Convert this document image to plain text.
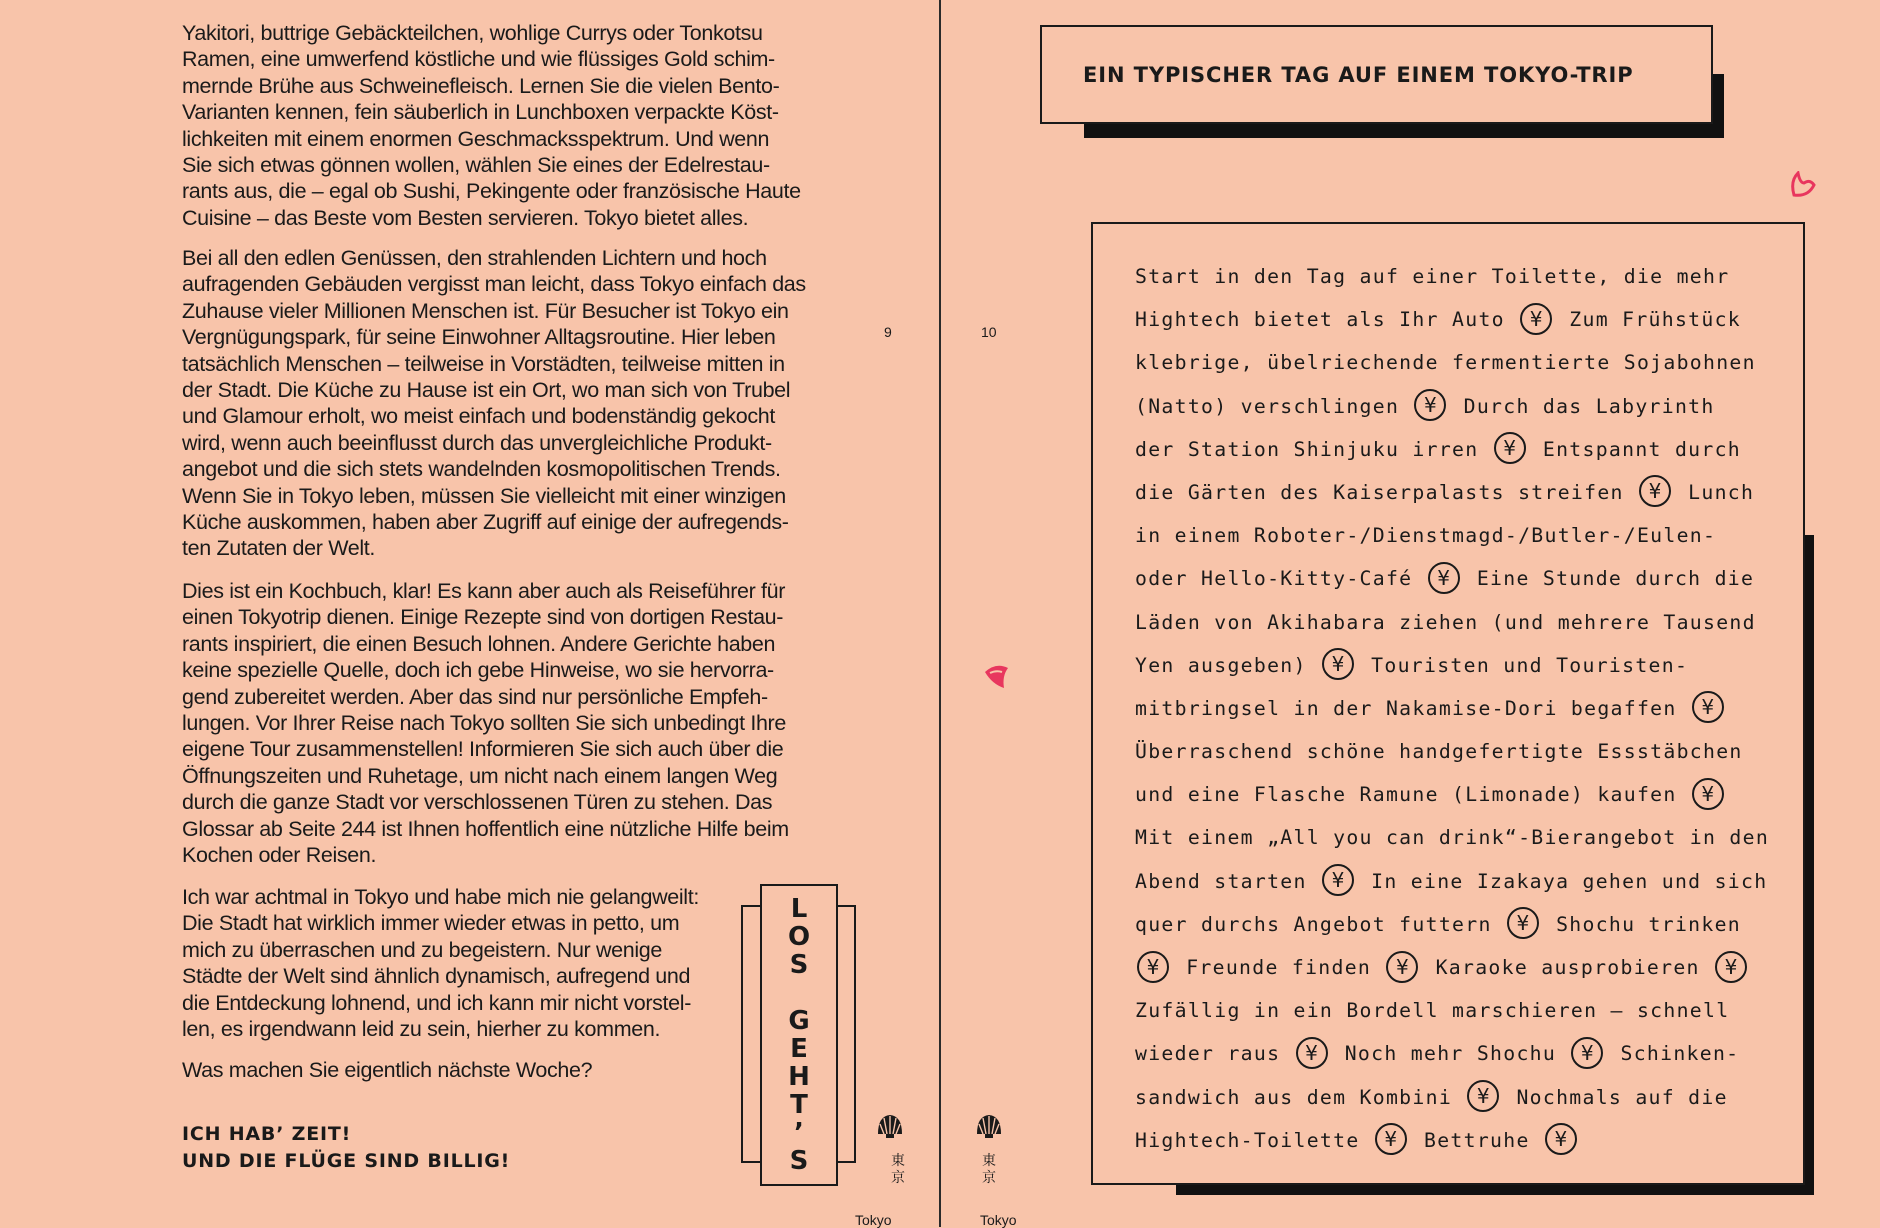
Yakitori, buttrige Gebäckteilchen, wohlige Currys oder Tonkotsu
Ramen, eine umwerfend köstliche und wie flüssiges Gold schim-
mernde Brühe aus Schweinefleisch. Lernen Sie die vielen Bento-
Varianten kennen, fein säuberlich in Lunchboxen verpackte Köst-
lichkeiten mit einem enormen Geschmacksspektrum. Und wenn
Sie sich etwas gönnen wollen, wählen Sie eines der Edelrestau-
rants aus, die – egal ob Sushi, Pekingente oder französische Haute
Cuisine – das Beste vom Besten servieren. Tokyo bietet alles.
Bei all den edlen Genüssen, den strahlenden Lichtern und hoch
aufragenden Gebäuden vergisst man leicht, dass Tokyo einfach das
Zuhause vieler Millionen Menschen ist. Für Besucher ist Tokyo ein
Vergnügungspark, für seine Einwohner Alltagsroutine. Hier leben
tatsächlich Menschen – teilweise in Vorstädten, teilweise mitten in
der Stadt. Die Küche zu Hause ist ein Ort, wo man sich von Trubel
und Glamour erholt, wo meist einfach und bodenständig gekocht
wird, wenn auch beeinflusst durch das unvergleichliche Produkt-
angebot und die sich stets wandelnden kosmopolitischen Trends.
Wenn Sie in Tokyo leben, müssen Sie vielleicht mit einer winzigen
Küche auskommen, haben aber Zugriff auf einige der aufregends-
ten Zutaten der Welt.
Dies ist ein Kochbuch, klar! Es kann aber auch als Reiseführer für
einen Tokyotrip dienen. Einige Rezepte sind von dortigen Restau-
rants inspiriert, die einen Besuch lohnen. Andere Gerichte haben
keine spezielle Quelle, doch ich gebe Hinweise, wo sie hervorra-
gend zubereitet werden. Aber das sind nur persönliche Empfeh-
lungen. Vor Ihrer Reise nach Tokyo sollten Sie sich unbedingt Ihre
eigene Tour zusammenstellen! Informieren Sie sich auch über die
Öffnungszeiten und Ruhetage, um nicht nach einem langen Weg
durch die ganze Stadt vor verschlossenen Türen zu stehen. Das
Glossar ab Seite 244 ist Ihnen hoffentlich eine nützliche Hilfe beim
Kochen oder Reisen.
Ich war achtmal in Tokyo und habe mich nie gelangweilt:
Die Stadt hat wirklich immer wieder etwas in petto, um
mich zu überraschen und zu begeistern. Nur wenige
Städte der Welt sind ähnlich dynamisch, aufregend und
die Entdeckung lohnend, und ich kann mir nicht vorstel-
len, es irgendwann leid zu sein, hierher zu kommen.
Was machen Sie eigentlich nächste Woche?
ICH HAB’ ZEIT!
UND DIE FLÜGE SIND BILLIG!
L
O
S
G
E
H
T
’
S
9
東
京
Tokyo
10
EIN TYPISCHER TAG AUF EINEM TOKYO-TRIP
Start in den Tag auf einer Toilette, die mehr
Hightech bietet als Ihr Auto ¥ Zum Frühstück
klebrige, übelriechende fermentierte Sojabohnen
(Natto) verschlingen ¥ Durch das Labyrinth
der Station Shinjuku irren ¥ Entspannt durch
die Gärten des Kaiserpalasts streifen ¥ Lunch
in einem Roboter-/Dienstmagd-/Butler-/Eulen-
oder Hello-Kitty-Café ¥ Eine Stunde durch die
Läden von Akihabara ziehen (und mehrere Tausend
Yen ausgeben) ¥ Touristen und Touristen-
mitbringsel in der Nakamise-Dori begaffen ¥
Überraschend schöne handgefertigte Essstäbchen
und eine Flasche Ramune (Limonade) kaufen ¥
Mit einem „All you can drink“-Bierangebot in den
Abend starten ¥ In eine Izakaya gehen und sich
quer durchs Angebot futtern ¥ Shochu trinken
¥ Freunde finden ¥ Karaoke ausprobieren ¥
Zufällig in ein Bordell marschieren – schnell
wieder raus ¥ Noch mehr Shochu ¥ Schinken-
sandwich aus dem Kombini ¥ Nochmals auf die
Hightech-Toilette ¥ Bettruhe ¥
東
京
Tokyo
